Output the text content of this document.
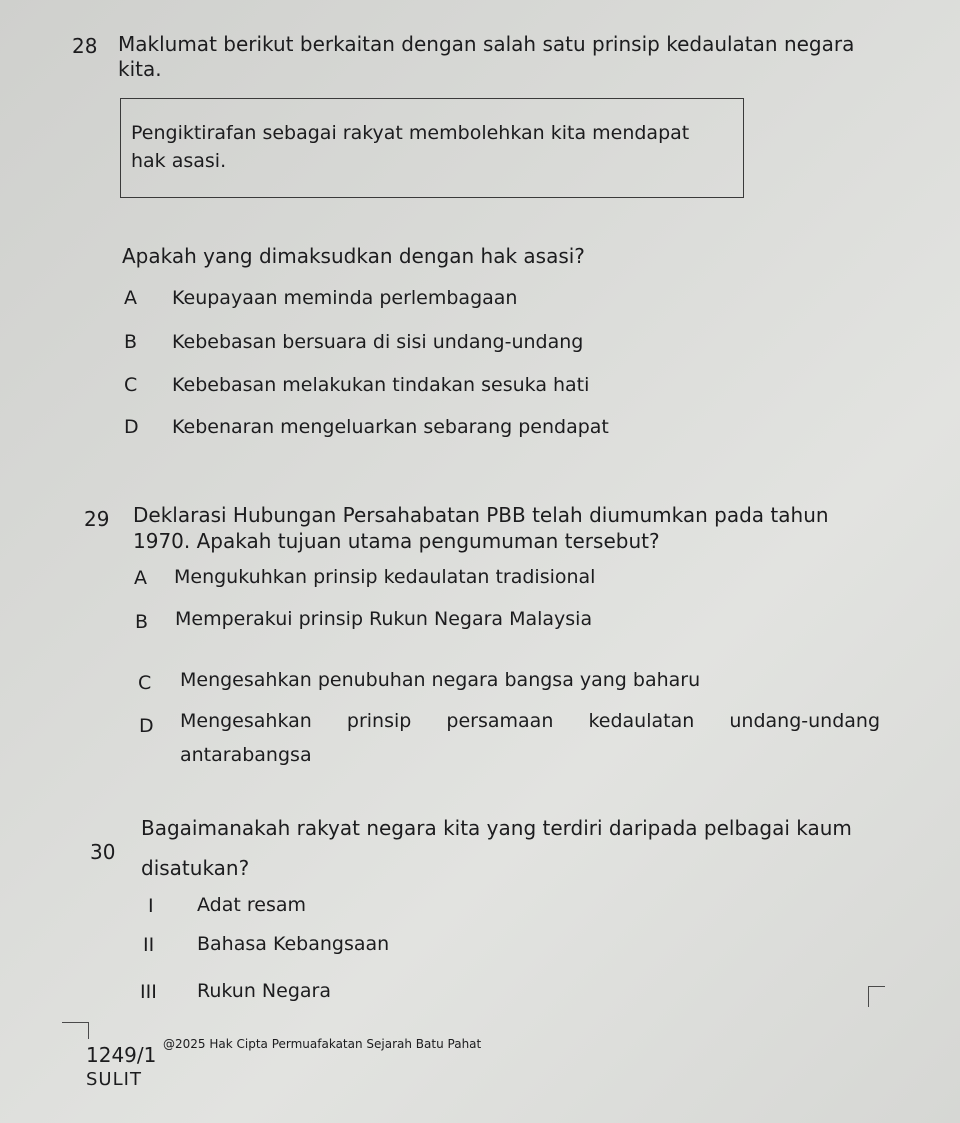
28 Maklumat berikut berkaitan dengan salah satu prinsip kedaulatan negara
kita.
Pengiktirafan sebagai rakyat membolehkan kita mendapat
hak asasi.
Apakah yang dimaksudkan dengan hak asasi?
A Keupayaan meminda perlembagaan
B Kebebasan bersuara di sisi undang-undang
C Kebebasan melakukan tindakan sesuka hati
D Kebenaran mengeluarkan sebarang pendapat
29 Deklarasi Hubungan Persahabatan PBB telah diumumkan pada tahun
1970. Apakah tujuan utama pengumuman tersebut?
A Mengukuhkan prinsip kedaulatan tradisional
B Memperakui prinsip Rukun Negara Malaysia
C Mengesahkan penubuhan negara bangsa yang baharu
D Mengesahkan prinsip persamaan kedaulatan undang-undang
antarabangsa
30
Bagaimanakah rakyat negara kita yang terdiri daripada pelbagai kaum
disatukan?
I Adat resam
II Bahasa Kebangsaan
III Rukun Negara
1249/1 @2025 Hak Cipta Permuafakatan Sejarah Batu Pahat
SULIT
